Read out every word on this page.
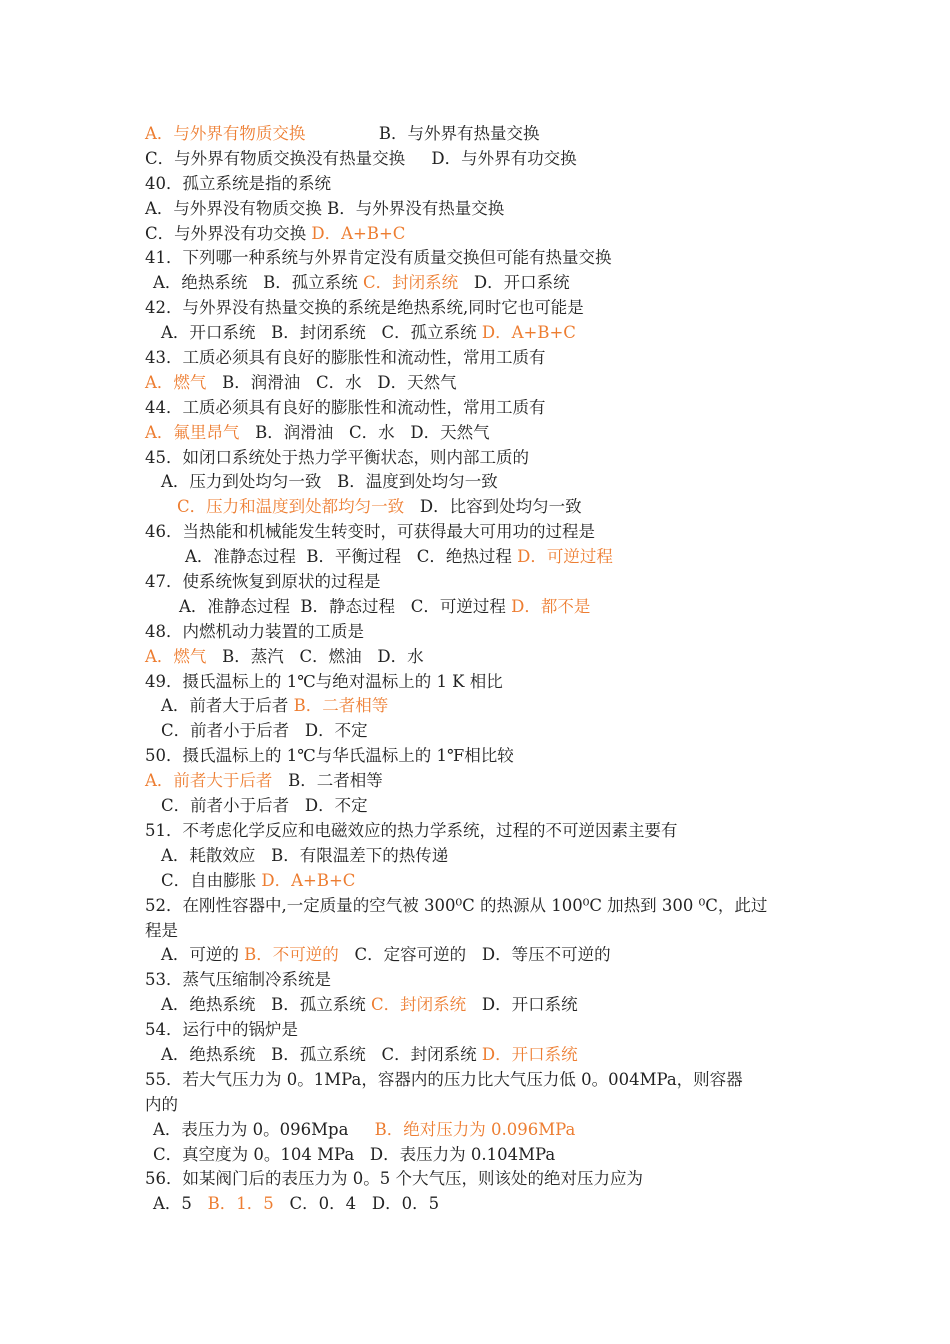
A．与外界有物质交换              B．与外界有热量交换
C．与外界有物质交换没有热量交换     D．与外界有功交换
40．孤立系统是指的系统
A．与外界没有物质交换 B．与外界没有热量交换
C．与外界没有功交换 D．A+B+C
41．下列哪一种系统与外界肯定没有质量交换但可能有热量交换
A．绝热系统   B．孤立系统 C．封闭系统   D．开口系统
42．与外界没有热量交换的系统是绝热系统,同时它也可能是
A．开口系统   B．封闭系统   C．孤立系统 D．A+B+C
43．工质必须具有良好的膨胀性和流动性，常用工质有
A．燃气   B．润滑油   C．水   D．天然气
44．工质必须具有良好的膨胀性和流动性，常用工质有
A．氟里昂气   B．润滑油   C．水   D．天然气
45．如闭口系统处于热力学平衡状态，则内部工质的
A．压力到处均匀一致   B．温度到处均匀一致
C．压力和温度到处都均匀一致   D．比容到处均匀一致
46．当热能和机械能发生转变时，可获得最大可用功的过程是
A．准静态过程  B．平衡过程   C．绝热过程 D．可逆过程
47．使系统恢复到原状的过程是
A．准静态过程  B．静态过程   C．可逆过程 D．都不是
48．内燃机动力装置的工质是
A．燃气   B．蒸汽   C．燃油   D．水
49．摄氏温标上的 1℃与绝对温标上的 1 K 相比
A．前者大于后者 B．二者相等
C．前者小于后者   D．不定
50．摄氏温标上的 1℃与华氏温标上的 1℉相比较
A．前者大于后者   B．二者相等
C．前者小于后者   D．不定
51．不考虑化学反应和电磁效应的热力学系统，过程的不可逆因素主要有
A．耗散效应   B．有限温差下的热传递
C．自由膨胀 D．A+B+C
52．在刚性容器中,一定质量的空气被 300⁰C 的热源从 100⁰C 加热到 300 ⁰C，此过
程是
A．可逆的 B．不可逆的   C．定容可逆的   D．等压不可逆的
53．蒸气压缩制冷系统是
A．绝热系统   B．孤立系统 C．封闭系统   D．开口系统
54．运行中的锅炉是
A．绝热系统   B．孤立系统   C．封闭系统 D．开口系统
55．若大气压力为 0。1MPa，容器内的压力比大气压力低 0。004MPa，则容器
内的
A．表压力为 0。096Mpa     B．绝对压力为 0.096MPa
C．真空度为 0。104 MPa   D．表压力为 0.104MPa
56．如某阀门后的表压力为 0。5 个大气压，则该处的绝对压力应为
A．5   B．1．5   C．0．4   D．0．5
